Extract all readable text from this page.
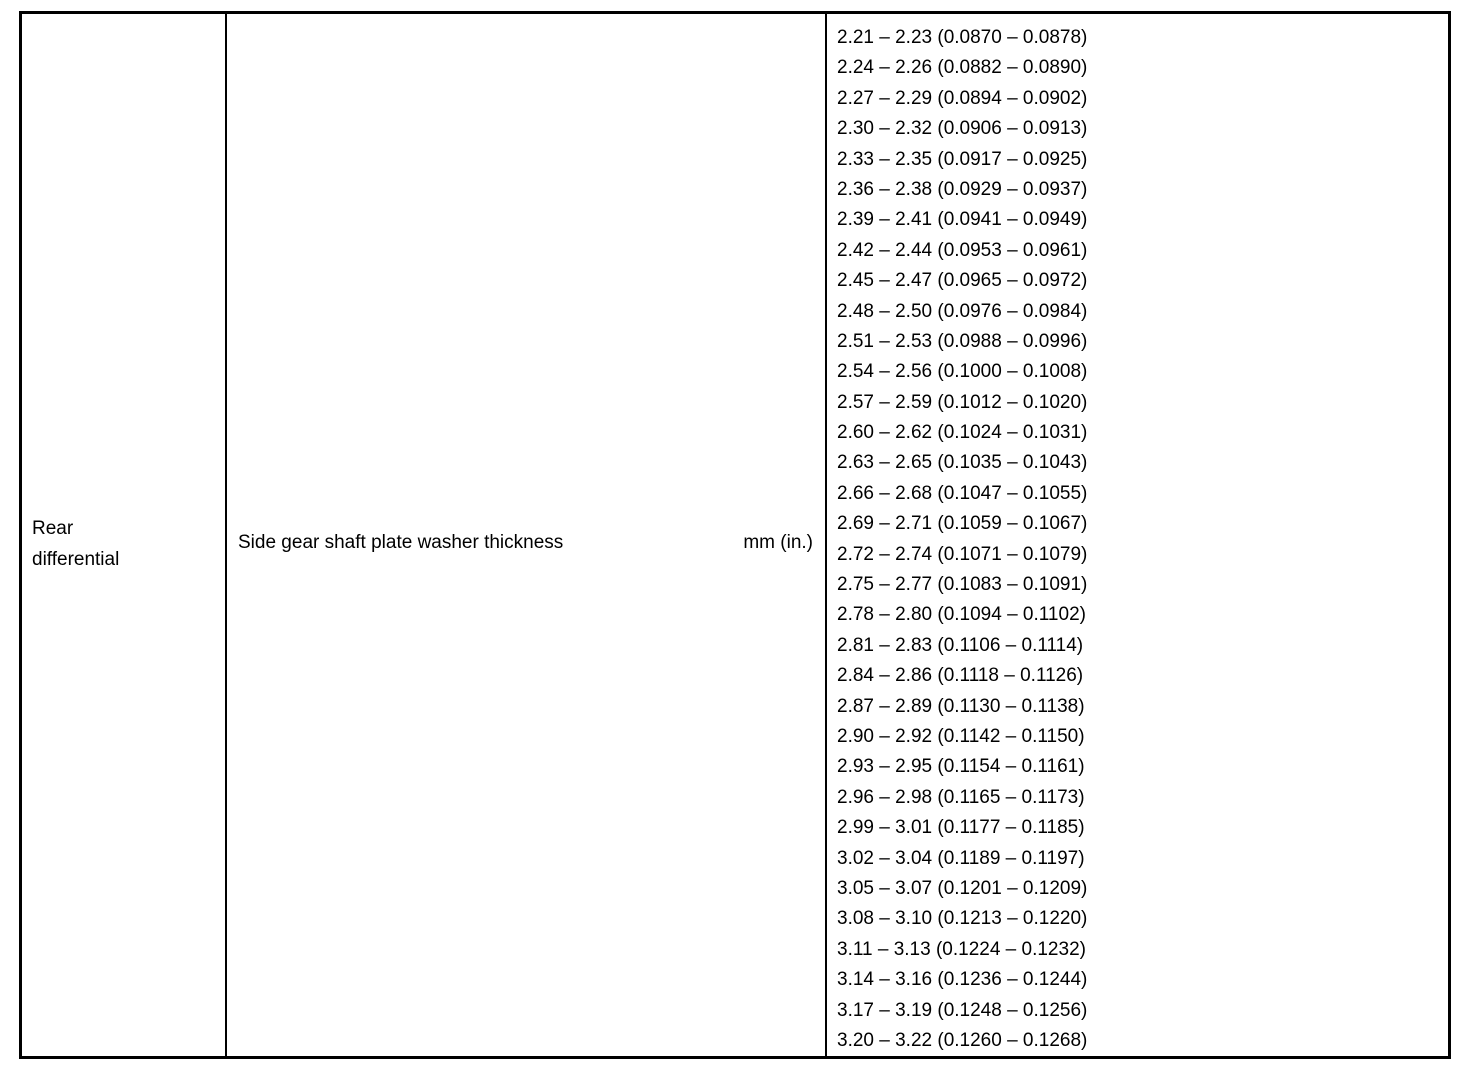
Rear
differential
Side gear shaft plate washer thickness	mm (in.)
2.21 – 2.23 (0.0870 – 0.0878)
2.24 – 2.26 (0.0882 – 0.0890)
2.27 – 2.29 (0.0894 – 0.0902)
2.30 – 2.32 (0.0906 – 0.0913)
2.33 – 2.35 (0.0917 – 0.0925)
2.36 – 2.38 (0.0929 – 0.0937)
2.39 – 2.41 (0.0941 – 0.0949)
2.42 – 2.44 (0.0953 – 0.0961)
2.45 – 2.47 (0.0965 – 0.0972)
2.48 – 2.50 (0.0976 – 0.0984)
2.51 – 2.53 (0.0988 – 0.0996)
2.54 – 2.56 (0.1000 – 0.1008)
2.57 – 2.59 (0.1012 – 0.1020)
2.60 – 2.62 (0.1024 – 0.1031)
2.63 – 2.65 (0.1035 – 0.1043)
2.66 – 2.68 (0.1047 – 0.1055)
2.69 – 2.71 (0.1059 – 0.1067)
2.72 – 2.74 (0.1071 – 0.1079)
2.75 – 2.77 (0.1083 – 0.1091)
2.78 – 2.80 (0.1094 – 0.1102)
2.81 – 2.83 (0.1106 – 0.1114)
2.84 – 2.86 (0.1118 – 0.1126)
2.87 – 2.89 (0.1130 – 0.1138)
2.90 – 2.92 (0.1142 – 0.1150)
2.93 – 2.95 (0.1154 – 0.1161)
2.96 – 2.98 (0.1165 – 0.1173)
2.99 – 3.01 (0.1177 – 0.1185)
3.02 – 3.04 (0.1189 – 0.1197)
3.05 – 3.07 (0.1201 – 0.1209)
3.08 – 3.10 (0.1213 – 0.1220)
3.11 – 3.13 (0.1224 – 0.1232)
3.14 – 3.16 (0.1236 – 0.1244)
3.17 – 3.19 (0.1248 – 0.1256)
3.20 – 3.22 (0.1260 – 0.1268)
